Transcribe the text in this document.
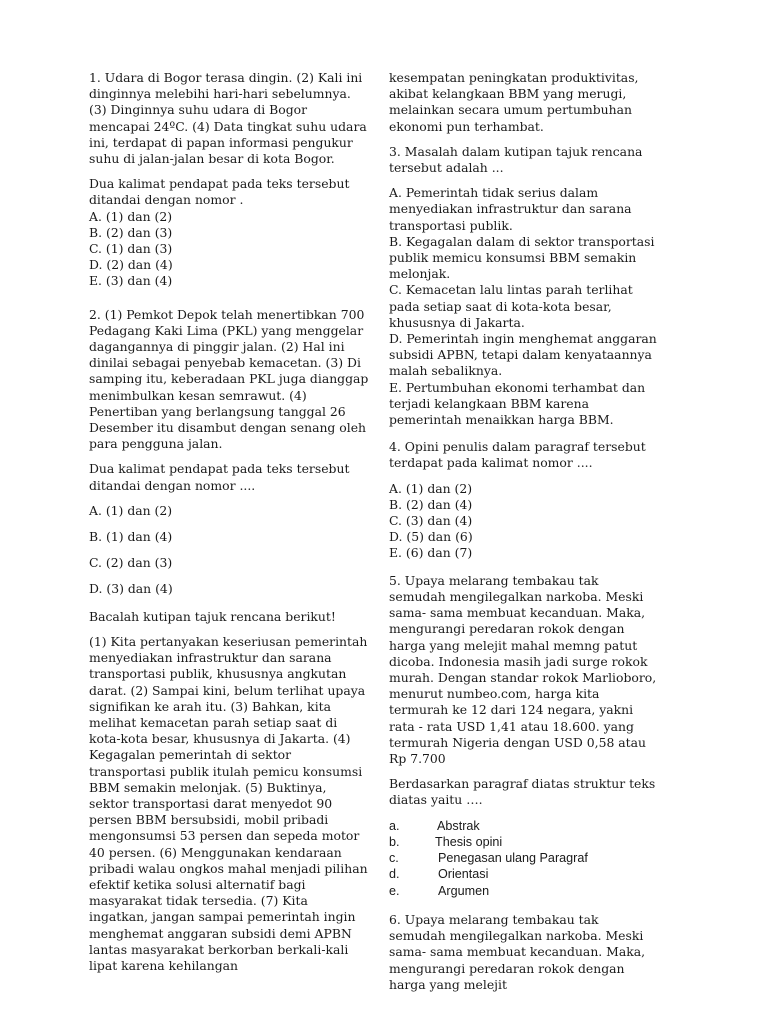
1. Udara di Bogor terasa dingin. (2) Kali ini dinginnya melebihi hari-hari sebelumnya. (3) Dinginnya suhu udara di Bogor mencapai 24ºC. (4) Data tingkat suhu udara ini, terdapat di papan informasi pengukur suhu di jalan-jalan besar di kota Bogor.

Dua kalimat pendapat pada teks tersebut ditandai dengan nomor .

A. (1) dan (2)

B. (2) dan (3)

C. (1) dan (3)

D. (2) dan (4)

E. (3) dan (4)

2. (1) Pemkot Depok telah menertibkan 700 Pedagang Kaki Lima (PKL) yang menggelar dagangannya di pinggir jalan. (2) Hal ini dinilai sebagai penyebab kemacetan. (3) Di samping itu, keberadaan PKL juga dianggap menimbulkan kesan semrawut. (4) Penertiban yang berlangsung tanggal 26 Desember itu disambut dengan senang oleh para pengguna jalan.

Dua kalimat pendapat pada teks tersebut ditandai dengan nomor ....

A. (1) dan (2)

B. (1) dan (4)

C. (2) dan (3)

D. (3) dan (4)

Bacalah kutipan tajuk rencana berikut!

(1) Kita pertanyakan keseriusan pemerintah menyediakan infrastruktur dan sarana transportasi publik, khususnya angkutan darat. (2) Sampai kini, belum terlihat upaya signifikan ke arah itu. (3) Bahkan, kita melihat kemacetan parah setiap saat di kota-kota besar, khususnya di Jakarta. (4) Kegagalan pemerintah di sektor transportasi publik itulah pemicu konsumsi BBM semakin melonjak. (5) Buktinya, sektor transportasi darat menyedot 90 persen BBM bersubsidi, mobil pribadi mengonsumsi 53 persen dan sepeda motor 40 persen. (6) Menggunakan kendaraan pribadi walau ongkos mahal menjadi pilihan efektif ketika solusi alternatif bagi masyarakat tidak tersedia. (7) Kita ingatkan, jangan sampai pemerintah ingin menghemat anggaran subsidi demi APBN lantas masyarakat berkorban berkali-kali lipat karena kehilangan

kesempatan peningkatan produktivitas, akibat kelangkaan BBM yang merugi, melainkan secara umum pertumbuhan ekonomi pun terhambat.

3. Masalah dalam kutipan tajuk rencana tersebut adalah ...

A. Pemerintah tidak serius dalam menyediakan infrastruktur dan sarana transportasi publik.

B. Kegagalan dalam di sektor transportasi publik memicu konsumsi BBM semakin melonjak.

C. Kemacetan lalu lintas parah terlihat pada setiap saat di kota-kota besar, khususnya di Jakarta.

D. Pemerintah ingin menghemat anggaran subsidi APBN, tetapi dalam kenyataannya malah sebaliknya.

E. Pertumbuhan ekonomi terhambat dan terjadi kelangkaan BBM karena pemerintah menaikkan harga BBM.

4. Opini penulis dalam paragraf tersebut terdapat pada kalimat nomor ....

A. (1) dan (2)

B. (2) dan (4)

C. (3) dan (4)

D. (5) dan (6)

E. (6) dan (7)

5. Upaya melarang tembakau tak semudah mengilegalkan narkoba. Meski sama- sama membuat kecanduan. Maka, mengurangi peredaran rokok dengan harga yang melejit mahal memng patut dicoba. Indonesia masih jadi surge rokok murah. Dengan standar rokok Marlioboro, menurut numbeo.com, harga kita termurah ke 12 dari 124 negara, yakni rata - rata USD 1,41 atau 18.600. yang termurah Nigeria dengan USD 0,58 atau Rp 7.700

Berdasarkan paragraf diatas struktur teks diatas yaitu ….

a.	Abstrak
b.	Thesis opini
c.	Penegasan ulang Paragraf
d.	Orientasi
e.	Argumen

6. Upaya melarang tembakau tak semudah mengilegalkan narkoba. Meski sama- sama membuat kecanduan. Maka, mengurangi peredaran rokok dengan harga yang melejit
